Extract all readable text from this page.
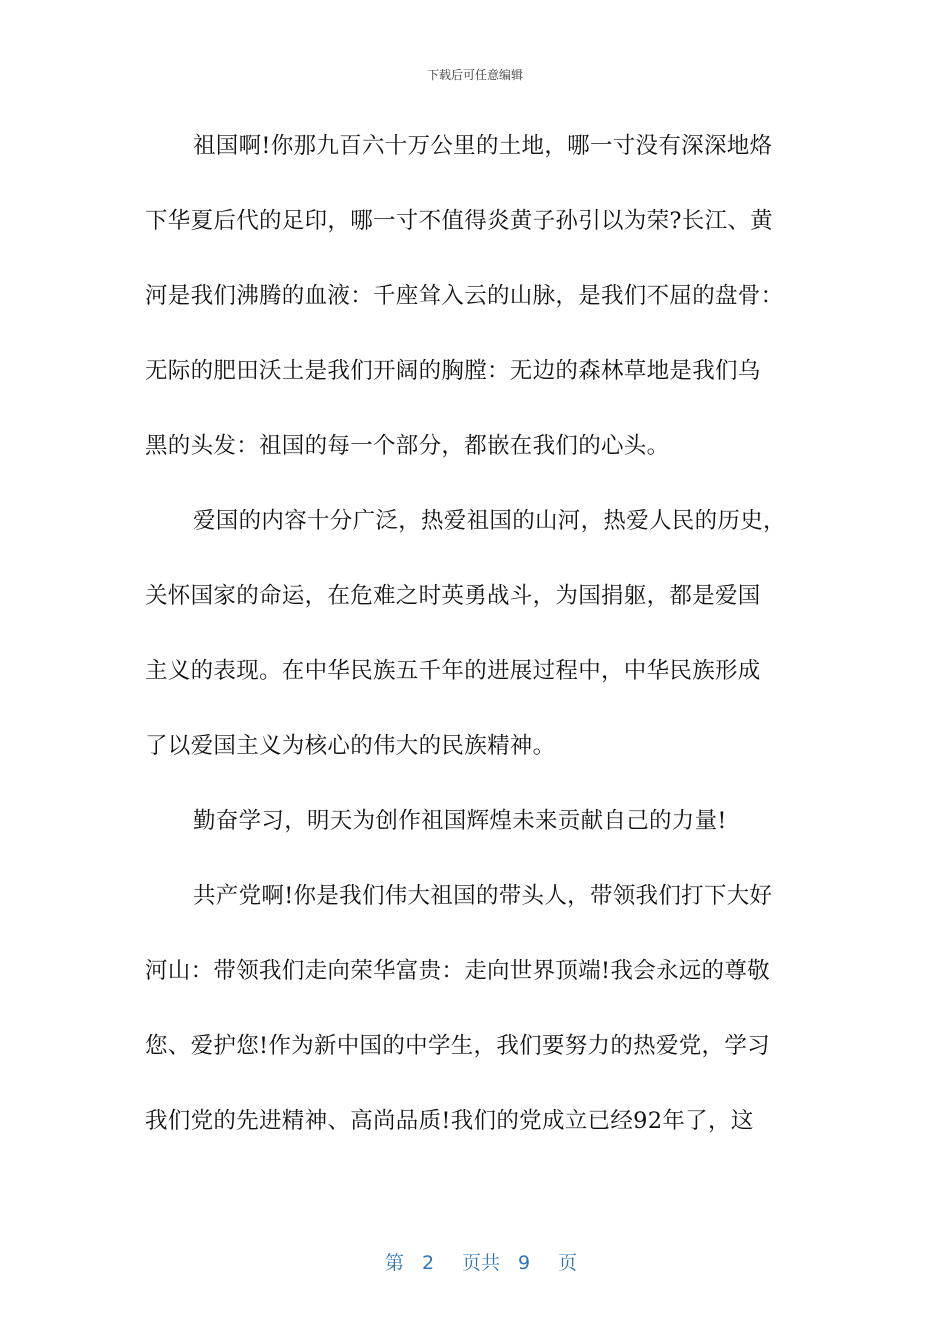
下载后可任意编辑
祖国啊!你那九百六十万公里的土地，哪一寸没有深深地烙
下华夏后代的足印，哪一寸不值得炎黄子孙引以为荣?长江、黄
河是我们沸腾的血液：千座耸入云的山脉，是我们不屈的盘骨：
无际的肥田沃土是我们开阔的胸膛：无边的森林草地是我们乌
黑的头发：祖国的每一个部分，都嵌在我们的心头。
爱国的内容十分广泛，热爱祖国的山河，热爱人民的历史，
关怀国家的命运，在危难之时英勇战斗，为国捐躯，都是爱国
主义的表现。在中华民族五千年的进展过程中，中华民族形成
了以爱国主义为核心的伟大的民族精神。
勤奋学习，明天为创作祖国辉煌未来贡献自己的力量!
共产党啊!你是我们伟大祖国的带头人，带领我们打下大好
河山：带领我们走向荣华富贵：走向世界顶端!我会永远的尊敬
您、爱护您!作为新中国的中学生，我们要努力的热爱党，学习
我们党的先进精神、高尚品质!我们的党成立已经92年了，这

第 2 页共 9 页
